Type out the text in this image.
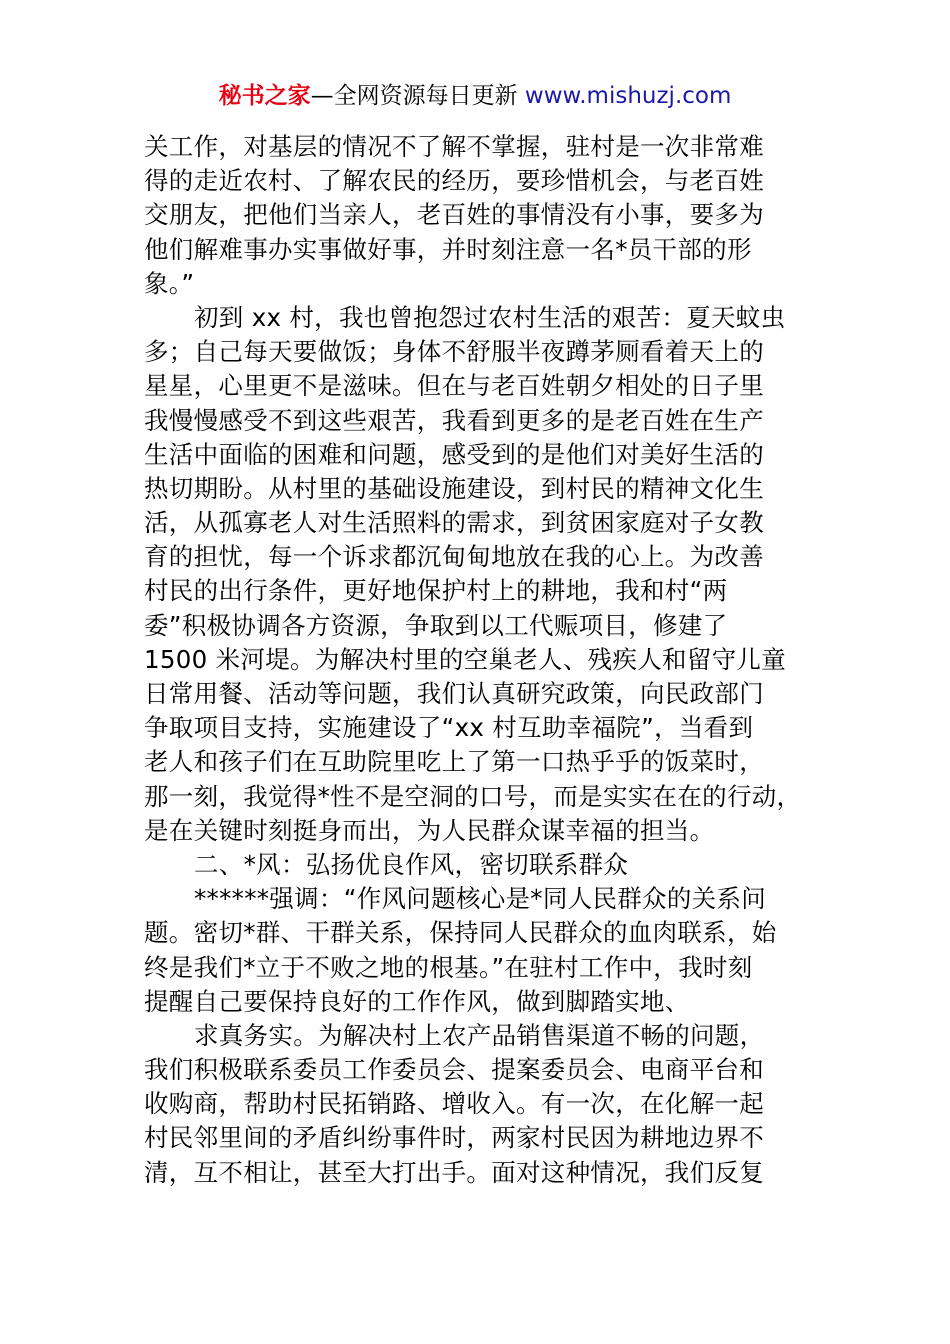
秘书之家—全网资源每日更新 www.mishuzj.com
关工作，对基层的情况不了解不掌握，驻村是一次非常难
得的走近农村、了解农民的经历，要珍惜机会，与老百姓
交朋友，把他们当亲人，老百姓的事情没有小事，要多为
他们解难事办实事做好事，并时刻注意一名*员干部的形
象。”
初到 xx 村，我也曾抱怨过农村生活的艰苦：夏天蚊虫
多；自己每天要做饭；身体不舒服半夜蹲茅厕看着天上的
星星，心里更不是滋味。但在与老百姓朝夕相处的日子里
我慢慢感受不到这些艰苦，我看到更多的是老百姓在生产
生活中面临的困难和问题，感受到的是他们对美好生活的
热切期盼。从村里的基础设施建设，到村民的精神文化生
活，从孤寡老人对生活照料的需求，到贫困家庭对子女教
育的担忧，每一个诉求都沉甸甸地放在我的心上。为改善
村民的出行条件，更好地保护村上的耕地，我和村“两
委”积极协调各方资源，争取到以工代赈项目，修建了
1500 米河堤。为解决村里的空巢老人、残疾人和留守儿童
日常用餐、活动等问题，我们认真研究政策，向民政部门
争取项目支持，实施建设了“xx 村互助幸福院”，当看到
老人和孩子们在互助院里吃上了第一口热乎乎的饭菜时，
那一刻，我觉得*性不是空洞的口号，而是实实在在的行动，
是在关键时刻挺身而出，为人民群众谋幸福的担当。
二、*风：弘扬优良作风，密切联系群众
******强调：“作风问题核心是*同人民群众的关系问
题。密切*群、干群关系，保持同人民群众的血肉联系，始
终是我们*立于不败之地的根基。”在驻村工作中，我时刻
提醒自己要保持良好的工作作风，做到脚踏实地、
求真务实。为解决村上农产品销售渠道不畅的问题，
我们积极联系委员工作委员会、提案委员会、电商平台和
收购商，帮助村民拓销路、增收入。有一次，在化解一起
村民邻里间的矛盾纠纷事件时，两家村民因为耕地边界不
清，互不相让，甚至大打出手。面对这种情况，我们反复
